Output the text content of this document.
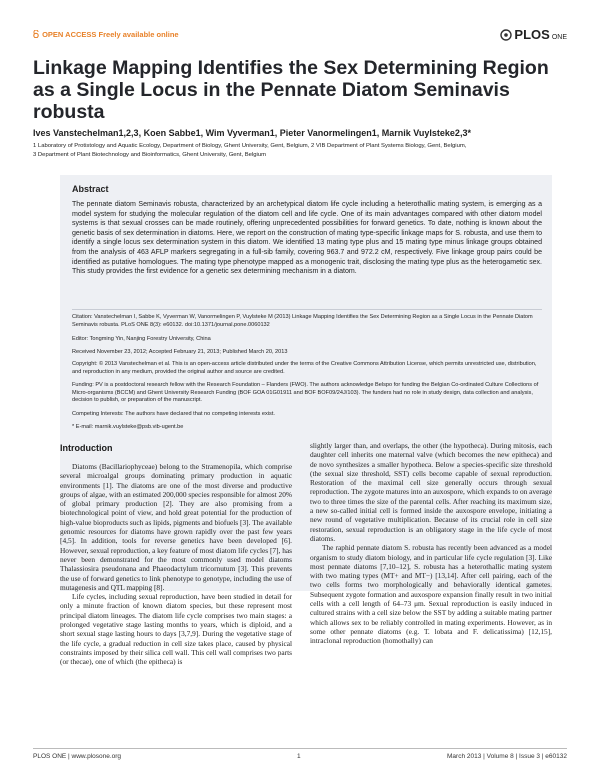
OPEN ACCESS Freely available online	PLOS ONE
Linkage Mapping Identifies the Sex Determining Region as a Single Locus in the Pennate Diatom Seminavis robusta
Ives Vanstechelman1,2,3, Koen Sabbe1, Wim Vyverman1, Pieter Vanormelingen1, Marnik Vuylsteke2,3*
1 Laboratory of Protistology and Aquatic Ecology, Department of Biology, Ghent University, Gent, Belgium, 2 VIB Department of Plant Systems Biology, Gent, Belgium,
3 Department of Plant Biotechnology and Bioinformatics, Ghent University, Gent, Belgium
Abstract
The pennate diatom Seminavis robusta, characterized by an archetypical diatom life cycle including a heterothallic mating system, is emerging as a model system for studying the molecular regulation of the diatom cell and life cycle. One of its main advantages compared with other diatom model systems is that sexual crosses can be made routinely, offering unprecedented possibilities for forward genetics. To date, nothing is known about the genetic basis of sex determination in diatoms. Here, we report on the construction of mating type-specific linkage maps for S. robusta, and use them to identify a single locus sex determination system in this diatom. We identified 13 mating type plus and 15 mating type minus linkage groups obtained from the analysis of 463 AFLP markers segregating in a full-sib family, covering 963.7 and 972.2 cM, respectively. Five linkage group pairs could be identified as putative homologues. The mating type phenotype mapped as a monogenic trait, disclosing the mating type plus as the heterogametic sex. This study provides the first evidence for a genetic sex determining mechanism in a diatom.
Citation: Vanstechelman I, Sabbe K, Vyverman W, Vanormelingen P, Vuylsteke M (2013) Linkage Mapping Identifies the Sex Determining Region as a Single Locus in the Pennate Diatom Seminavis robusta. PLoS ONE 8(3): e60132. doi:10.1371/journal.pone.0060132
Editor: Tongming Yin, Nanjing Forestry University, China
Received November 23, 2012; Accepted February 21, 2013; Published March 20, 2013
Copyright: © 2013 Vanstechelman et al. This is an open-access article distributed under the terms of the Creative Commons Attribution License, which permits unrestricted use, distribution, and reproduction in any medium, provided the original author and source are credited.
Funding: PV is a postdoctoral research fellow with the Research Foundation – Flanders (FWO). The authors acknowledge Belspo for funding the Belgian Co-ordinated Culture Collections of Micro-organisms (BCCM) and Ghent University Research Funding (BOF GOA 01G01911 and BOF BOF09/24J/103). The funders had no role in study design, data collection and analysis, decision to publish, or preparation of the manuscript.
Competing Interests: The authors have declared that no competing interests exist.
* E-mail: marnik.vuylsteke@psb.vib-ugent.be
Introduction

Diatoms (Bacillariophyceae) belong to the Stramenopila, which comprise several microalgal groups dominating primary production in aquatic environments [1]. The diatoms are one of the most diverse and productive groups of algae, with an estimated 200,000 species responsible for almost 20% of global primary production [2]. They are also promising from a biotechnological point of view, and hold great potential for the production of high-value bioproducts such as lipids, pigments and biofuels [3]. The available genomic resources for diatoms have grown rapidly over the past few years [4,5]. In addition, tools for reverse genetics have been developed [6]. However, sexual reproduction, a key feature of most diatom life cycles [7], has never been demonstrated for the most commonly used model diatoms Thalassiosira pseudonana and Phaeodactylum tricornutum [3]. This prevents the use of forward genetics to link phenotype to genotype, including the use of mutagenesis and QTL mapping [8].

Life cycles, including sexual reproduction, have been studied in detail for only a minute fraction of known diatom species, but these represent most principal diatom lineages. The diatom life cycle comprises two main stages: a prolonged vegetative stage lasting months to years, which is diploid, and a short sexual stage lasting hours to days [3,7,9]. During the vegetative stage of the life cycle, a gradual reduction in cell size takes place, caused by physical constraints imposed by their silica cell wall. This cell wall comprises two parts (or thecae), one of which (the epitheca) is

slightly larger than, and overlaps, the other (the hypotheca). During mitosis, each daughter cell inherits one maternal valve (which becomes the new epitheca) and de novo synthesizes a smaller hypotheca. Below a species-specific size threshold (the sexual size threshold, SST) cells become capable of sexual reproduction. Restoration of the maximal cell size generally occurs through sexual reproduction. The zygote matures into an auxospore, which expands to on average two to three times the size of the parental cells. After reaching its maximum size, a new so-called initial cell is formed inside the auxospore envelope, initiating a new round of vegetative multiplication. Because of its crucial role in cell size restoration, sexual reproduction is an obligatory stage in the life cycle of most diatoms.

The raphid pennate diatom S. robusta has recently been advanced as a model organism to study diatom biology, and in particular life cycle regulation [3]. Like most pennate diatoms [7,10–12], S. robusta has a heterothallic mating system with two mating types (MT+ and MT−) [13,14]. After cell pairing, each of the two cells forms two morphologically and behaviorally identical gametes. Subsequent zygote formation and auxospore expansion finally result in two initial cells with a cell length of 64–73 μm. Sexual reproduction is easily induced in cultured strains with a cell size below the SST by adding a suitable mating partner which allows sex to be reliably controlled in mating experiments. However, as in some other pennate diatoms (e.g. T. lobata and F. delicatissima) [12,15], intraclonal reproduction (homothally) can

PLOS ONE | www.plosone.org	1	March 2013 | Volume 8 | Issue 3 | e60132
